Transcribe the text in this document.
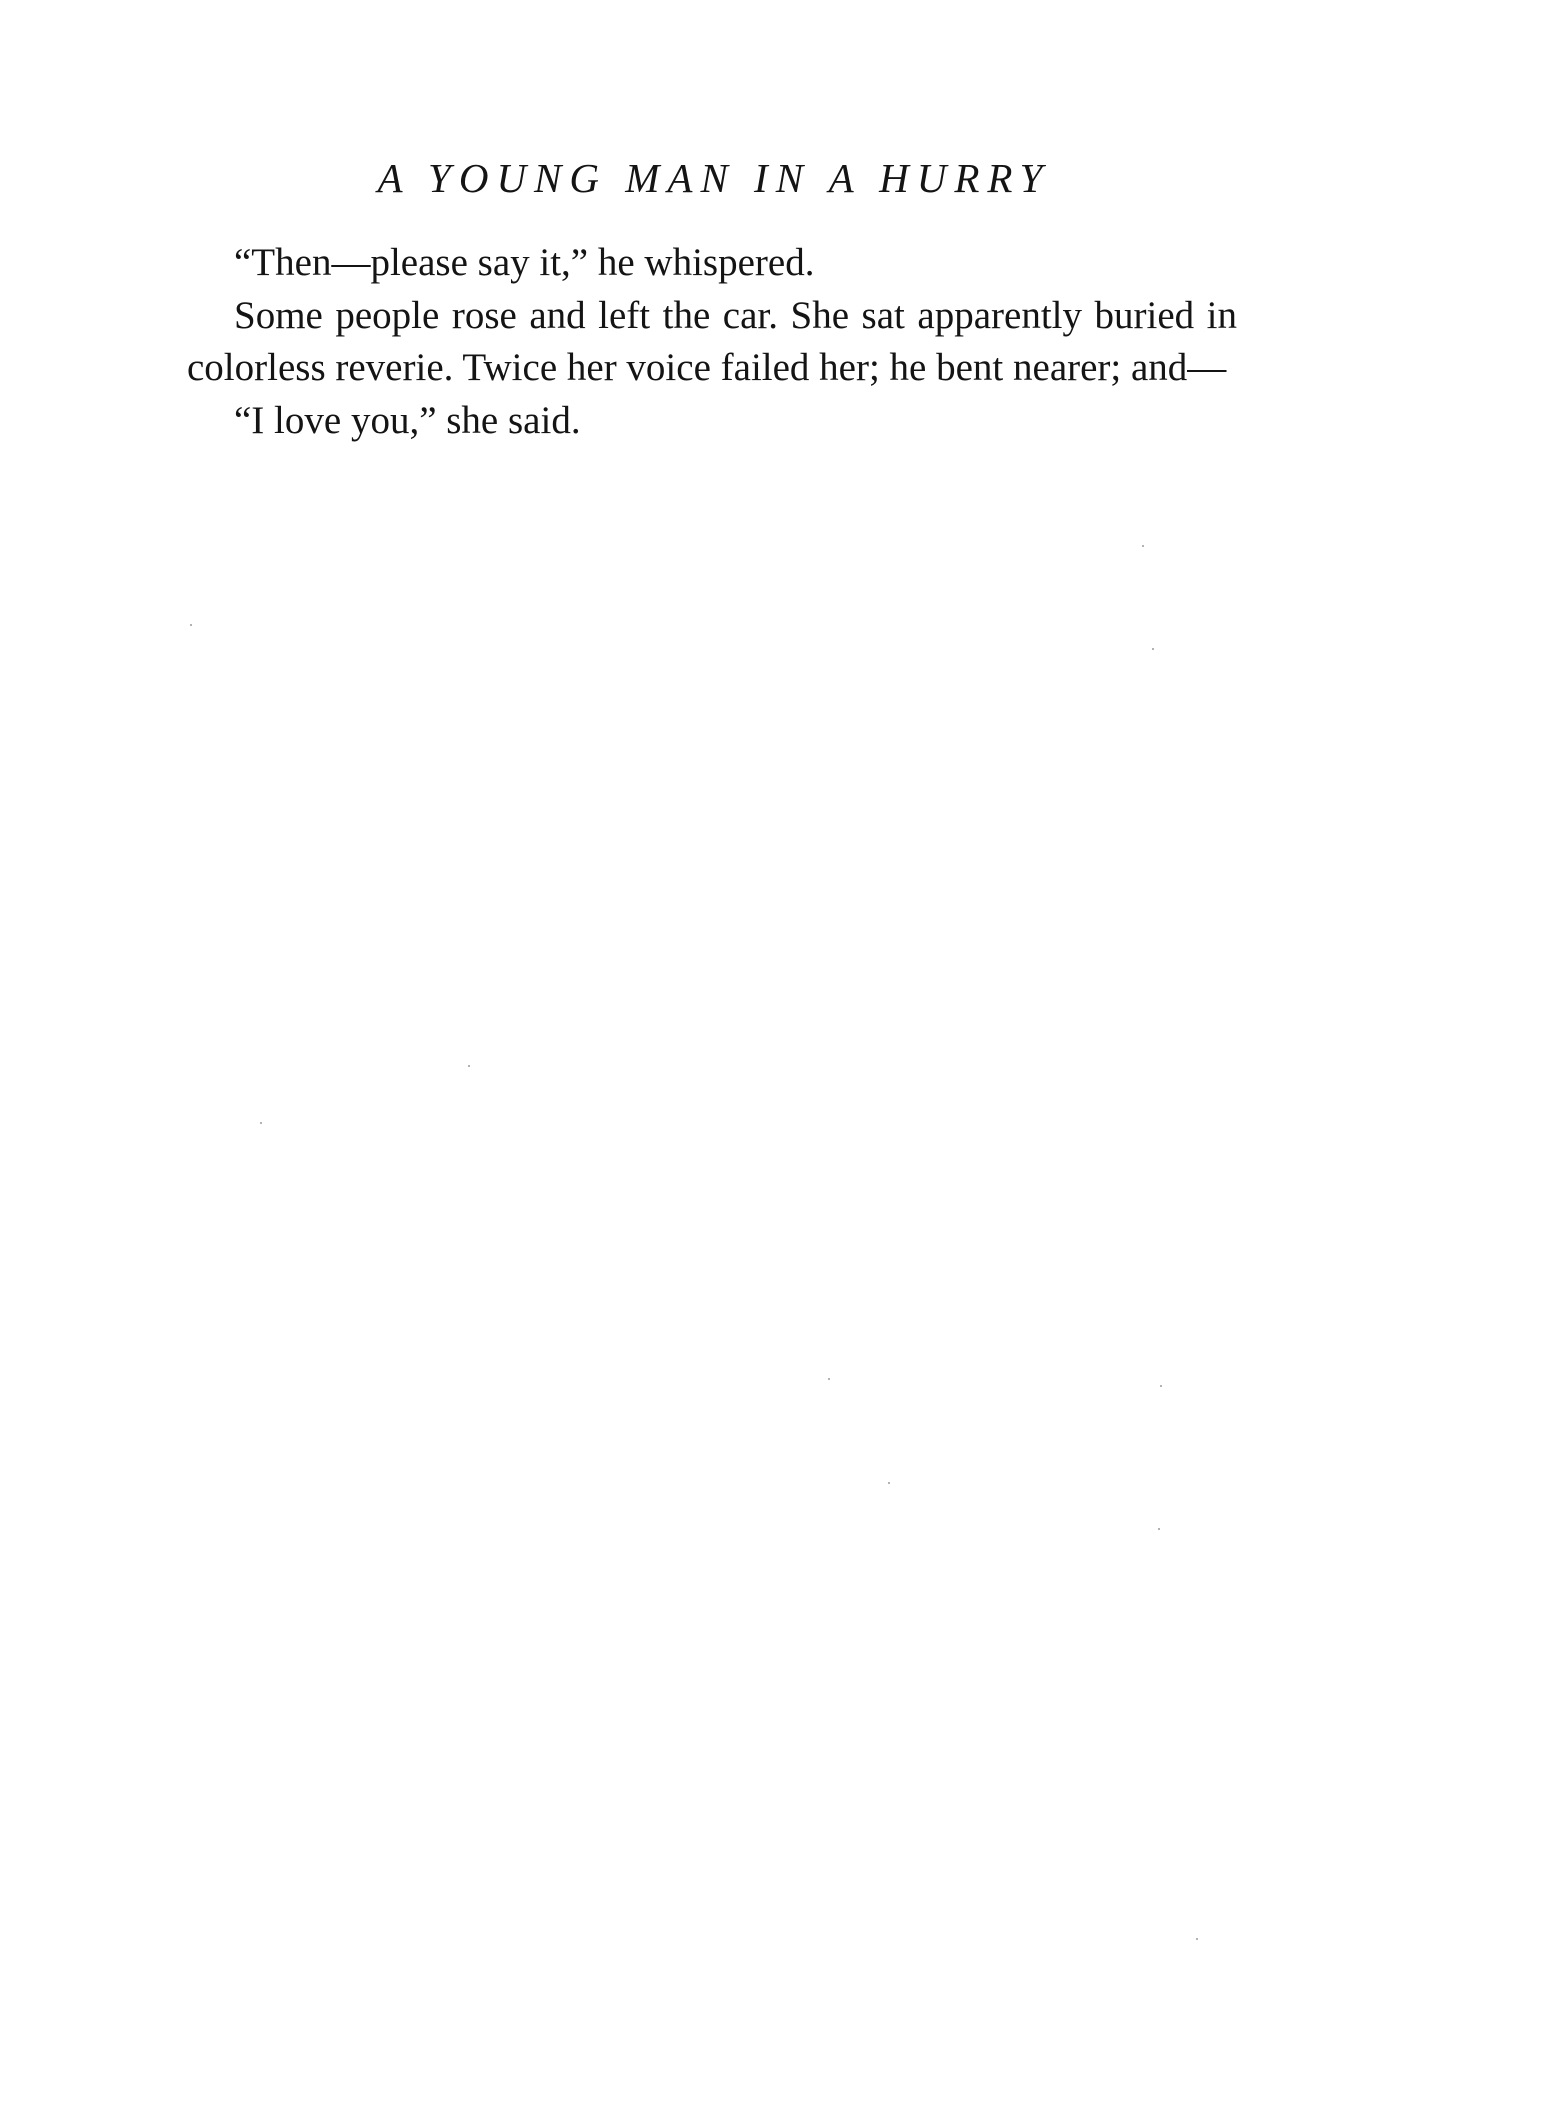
A YOUNG MAN IN A HURRY

“Then—please say it,” he whispered.

Some people rose and left the car. She sat apparently buried in colorless reverie. Twice her voice failed her; he bent nearer; and—

“I love you,” she said.
